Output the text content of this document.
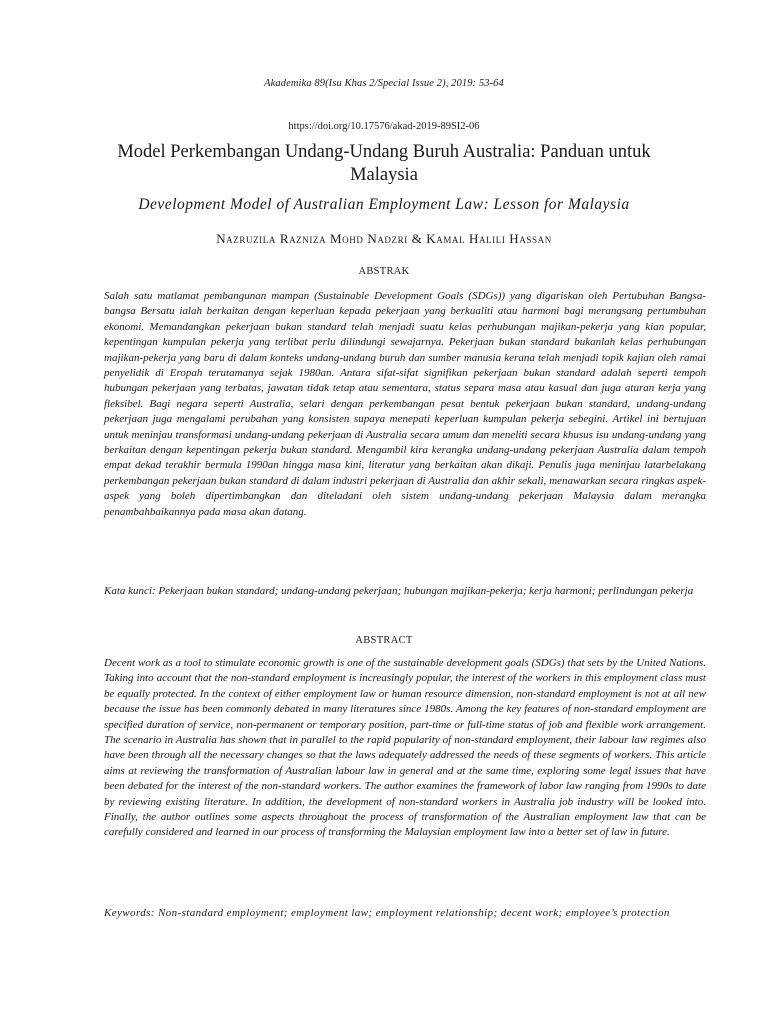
Akademika 89(Isu Khas 2/Special Issue 2), 2019: 53-64
https://doi.org/10.17576/akad-2019-89SI2-06
Model Perkembangan Undang-Undang Buruh Australia: Panduan untuk Malaysia
Development Model of Australian Employment Law: Lesson for Malaysia
Nazruzila Razniza Mohd Nadzri & Kamal Halili Hassan
ABSTRAK

Salah satu matlamat pembangunan mampan (Sustainable Development Goals (SDGs)) yang digariskan oleh Pertubuhan Bangsa-bangsa Bersatu ialah berkaitan dengan keperluan kepada pekerjaan yang berkualiti atau harmoni bagi merangsang pertumbuhan ekonomi. Memandangkan pekerjaan bukan standard telah menjadi suatu kelas perhubungan majikan-pekerja yang kian popular, kepentingan kumpulan pekerja yang terlibat perlu dilindungi sewajarnya. Pekerjaan bukan standard bukanlah kelas perhubungan majikan-pekerja yang baru di dalam konteks undang-undang buruh dan sumber manusia kerana telah menjadi topik kajian oleh ramai penyelidik di Eropah terutamanya sejak 1980an. Antara sifat-sifat signifikan pekerjaan bukan standard adalah seperti tempoh hubungan pekerjaan yang terbatas, jawatan tidak tetap atau sementara, status separa masa atau kasual dan juga aturan kerja yang fleksibel. Bagi negara seperti Australia, selari dengan perkembangan pesat bentuk pekerjaan bukan standard, undang-undang pekerjaan juga mengalami perubahan yang konsisten supaya menepati keperluan kumpulan pekerja sebegini. Artikel ini bertujuan untuk meninjau transformasi undang-undang pekerjaan di Australia secara umum dan meneliti secara khusus isu undang-undang yang berkaitan dengan kepentingan pekerja bukan standard. Mengambil kira kerangka undang-undang pekerjaan Australia dalam tempoh empat dekad terakhir bermula 1990an hingga masa kini, literatur yang berkaitan akan dikaji. Penulis juga meninjau latarbelakang perkembangan pekerjaan bukan standard di dalam industri pekerjaan di Australia dan akhir sekali, menawarkan secara ringkas aspek-aspek yang boleh dipertimbangkan dan diteladani oleh sistem undang-undang pekerjaan Malaysia dalam merangka penambahbaikannya pada masa akan datang.

Kata kunci: Pekerjaan bukan standard; undang-undang pekerjaan; hubungan majikan-pekerja; kerja harmoni; perlindungan pekerja

ABSTRACT

Decent work as a tool to stimulate economic growth is one of the sustainable development goals (SDGs) that sets by the United Nations. Taking into account that the non-standard employment is increasingly popular, the interest of the workers in this employment class must be equally protected. In the context of either employment law or human resource dimension, non-standard employment is not at all new because the issue has been commonly debated in many literatures since 1980s. Among the key features of non-standard employment are specified duration of service, non-permanent or temporary position, part-time or full-time status of job and flexible work arrangement. The scenario in Australia has shown that in parallel to the rapid popularity of non-standard employment, their labour law regimes also have been through all the necessary changes so that the laws adequately addressed the needs of these segments of workers. This article aims at reviewing the transformation of Australian labour law in general and at the same time, exploring some legal issues that have been debated for the interest of the non-standard workers. The author examines the framework of labor law ranging from 1990s to date by reviewing existing literature. In addition, the development of non-standard workers in Australia job industry will be looked into. Finally, the author outlines some aspects throughout the process of transformation of the Australian employment law that can be carefully considered and learned in our process of transforming the Malaysian employment law into a better set of law in future.

Keywords: Non-standard employment; employment law; employment relationship; decent work; employee’s protection
